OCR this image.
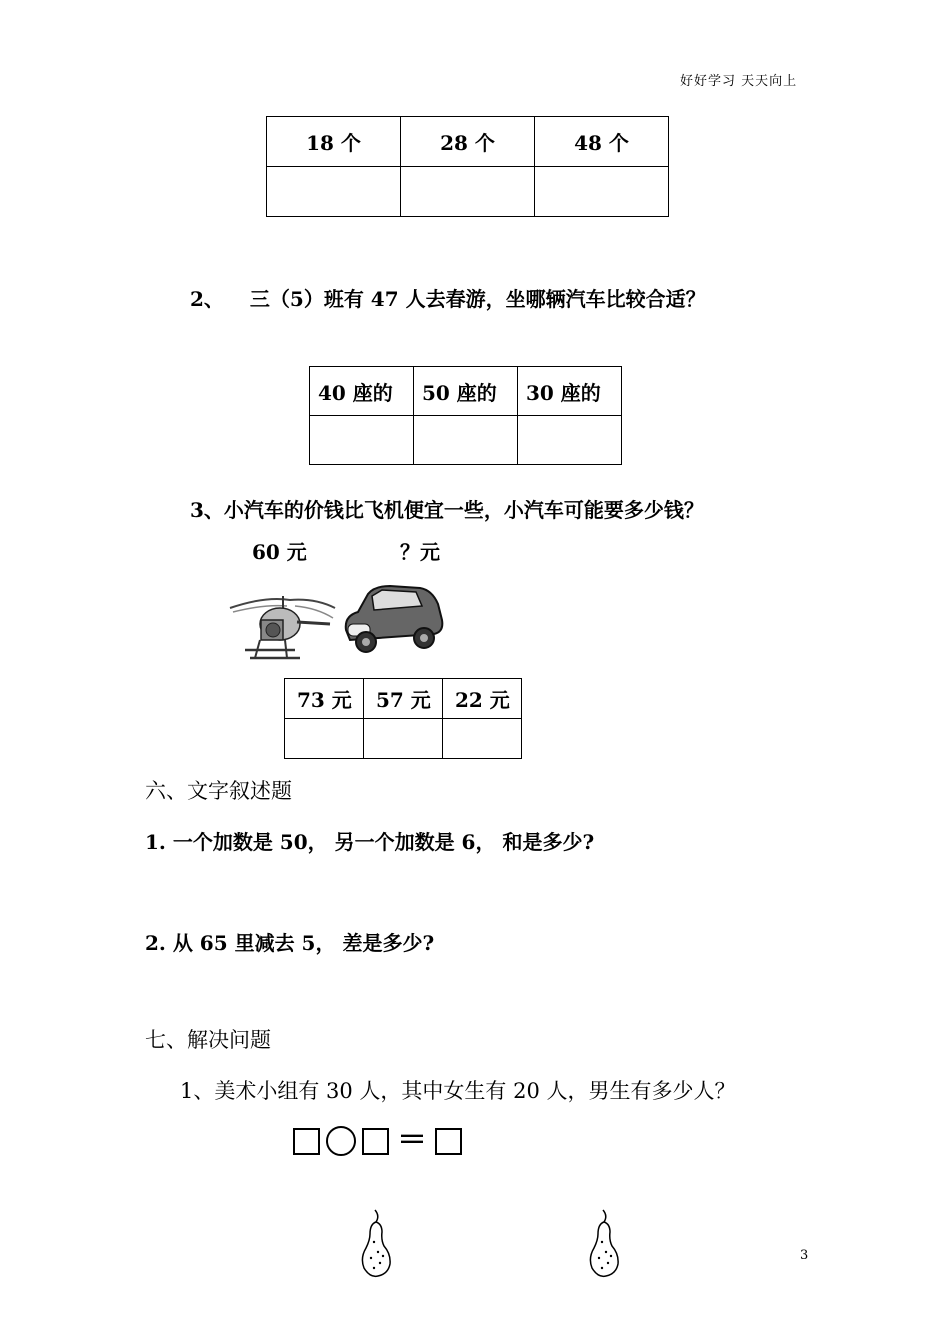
好好学习 天天向上
18 个	28 个	48 个

2、 三（5）班有 47 人去春游，坐哪辆汽车比较合适？
40 座的	50 座的	30 座的

3、小汽车的价钱比飞机便宜一些，小汽车可能要多少钱？
60 元	？元
73 元	57 元	22 元

六、文字叙述题
1. 一个加数是 50， 另一个加数是 6， 和是多少?
2. 从 65 里减去 5， 差是多少?
七、解决问题
1、美术小组有 30 人，其中女生有 20 人，男生有多少人？
＝
3
